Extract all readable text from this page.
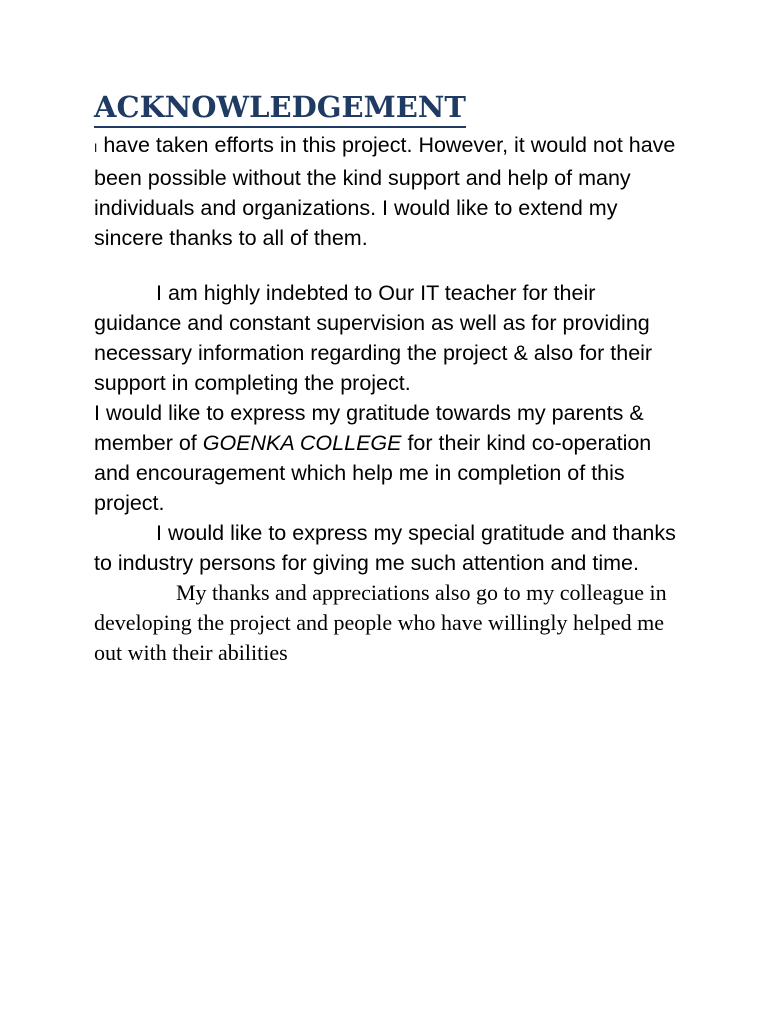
ACKNOWLEDGEMENT

I have taken efforts in this project. However, it would not have been possible without the kind support and help of many individuals and organizations. I would like to extend my sincere thanks to all of them.

I am highly indebted to Our IT teacher for their guidance and constant supervision as well as for providing necessary information regarding the project & also for their support in completing the project.

I would like to express my gratitude towards my parents & member of GOENKA COLLEGE for their kind co-operation and encouragement which help me in completion of this project.

I would like to express my special gratitude and thanks to industry persons for giving me such attention and time.

My thanks and appreciations also go to my colleague in developing the project and people who have willingly helped me out with their abilities
